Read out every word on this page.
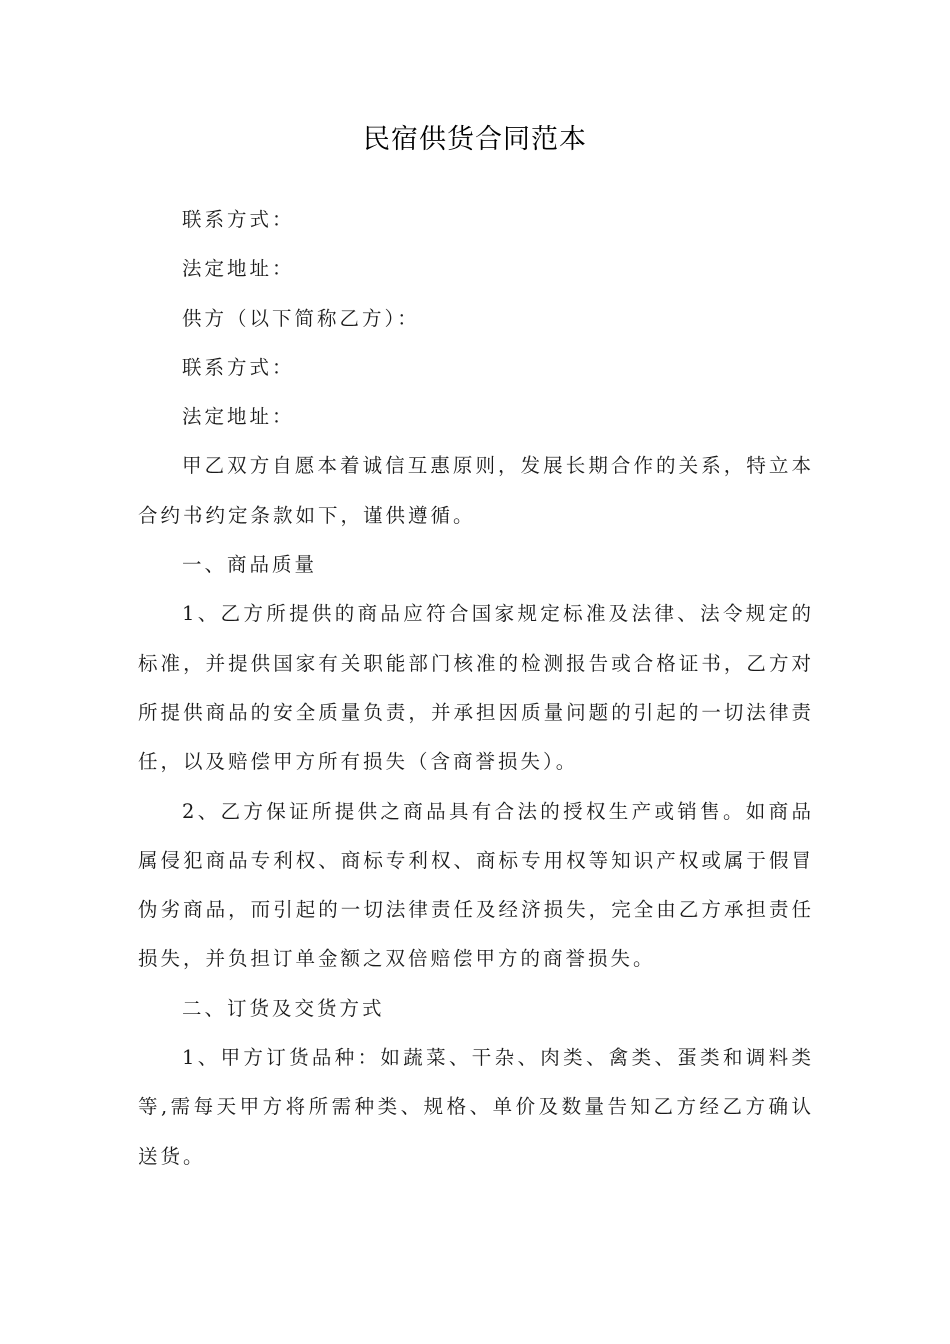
民宿供货合同范本

联系方式：

法定地址：

供方（以下简称乙方）：

联系方式：

法定地址：

甲乙双方自愿本着诚信互惠原则，发展长期合作的关系，特立本合约书约定条款如下，谨供遵循。

一、商品质量

1、乙方所提供的商品应符合国家规定标准及法律、法令规定的标准，并提供国家有关职能部门核准的检测报告或合格证书，乙方对所提供商品的安全质量负责，并承担因质量问题的引起的一切法律责任，以及赔偿甲方所有损失（含商誉损失）。

2、乙方保证所提供之商品具有合法的授权生产或销售。如商品属侵犯商品专利权、商标专利权、商标专用权等知识产权或属于假冒伪劣商品，而引起的一切法律责任及经济损失，完全由乙方承担责任损失，并负担订单金额之双倍赔偿甲方的商誉损失。

二、订货及交货方式

1、甲方订货品种：如蔬菜、干杂、肉类、禽类、蛋类和调料类等,需每天甲方将所需种类、规格、单价及数量告知乙方经乙方确认送货。
